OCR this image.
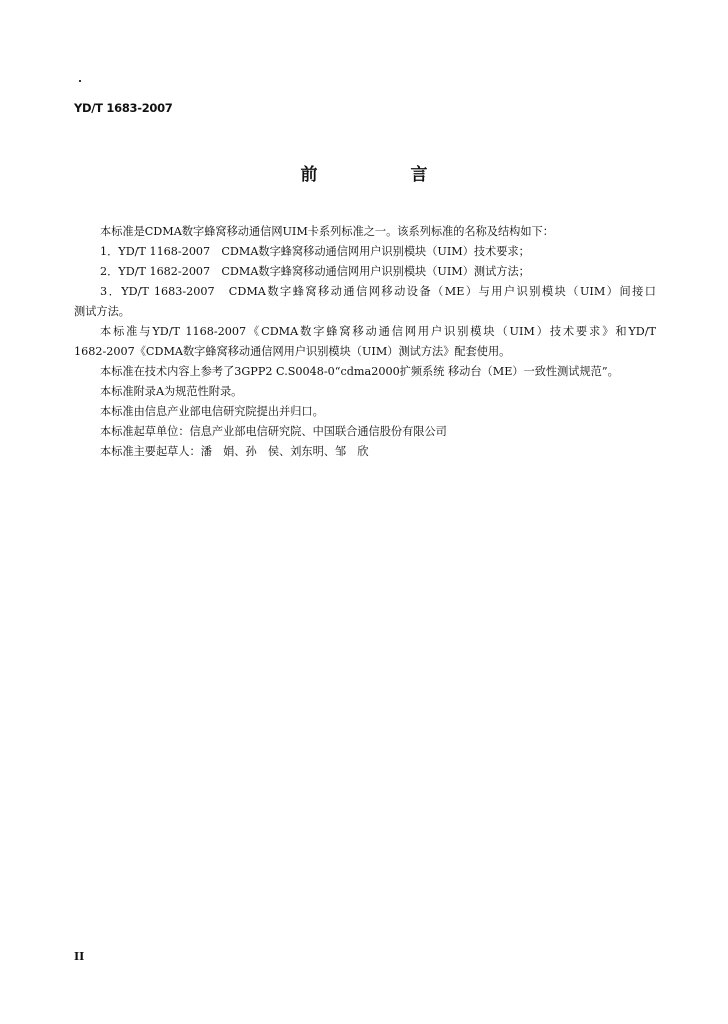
YD/T 1683-2007
前　言

本标准是CDMA数字蜂窝移动通信网UIM卡系列标准之一。该系列标准的名称及结构如下：

1．YD/T 1168-2007　CDMA数字蜂窝移动通信网用户识别模块（UIM）技术要求；

2．YD/T 1682-2007　CDMA数字蜂窝移动通信网用户识别模块（UIM）测试方法；

3．YD/T 1683-2007　CDMA数字蜂窝移动通信网移动设备（ME）与用户识别模块（UIM）间接口

测试方法。

本标准与YD/T 1168-2007《CDMA数字蜂窝移动通信网用户识别模块（UIM）技术要求》和YD/T

1682-2007《CDMA数字蜂窝移动通信网用户识别模块（UIM）测试方法》配套使用。

本标准在技术内容上参考了3GPP2 C.S0048-0“cdma2000扩频系统 移动台（ME）一致性测试规范”。

本标准附录A为规范性附录。

本标准由信息产业部电信研究院提出并归口。

本标准起草单位：信息产业部电信研究院、中国联合通信股份有限公司

本标准主要起草人：潘　娟、孙　侯、刘东明、邹　欣

II
